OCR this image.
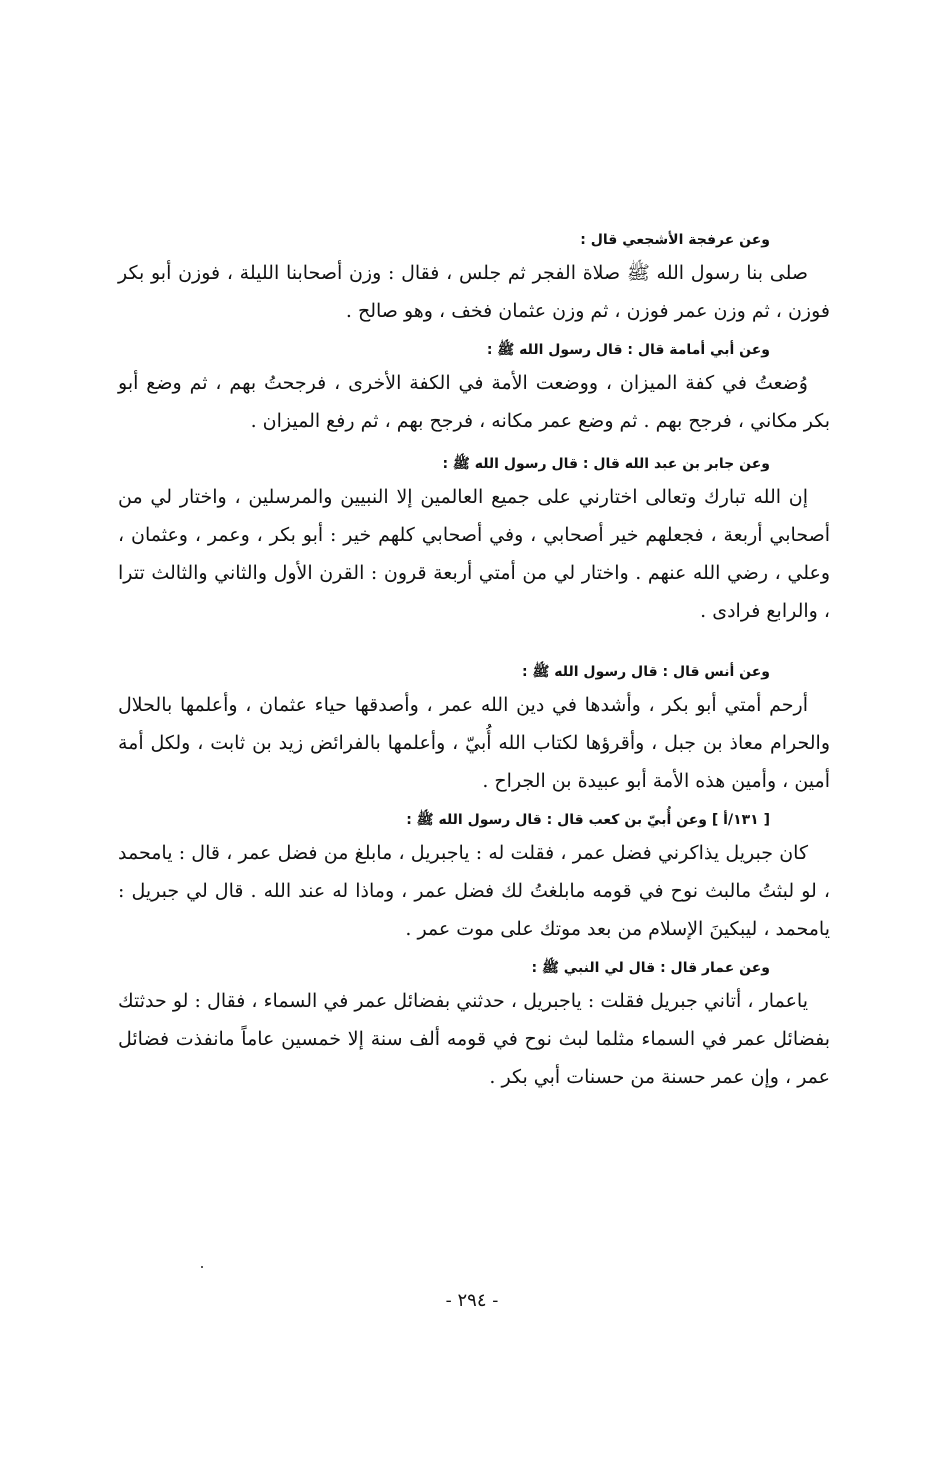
وعن عرفجة الأشجعي قال :

صلى بنا رسول الله ﷺ صلاة الفجر ثم جلس ، فقال : وزن أصحابنا الليلة ، فوزن أبو بكر فوزن ، ثم وزن عمر فوزن ، ثم وزن عثمان فخف ، وهو صالح .

وعن أبي أمامة قال : قال رسول الله ﷺ :

وُضعتُ في كفة الميزان ، ووضعت الأمة في الكفة الأخرى ، فرجحتُ بهم ، ثم وضع أبو بكر مكاني ، فرجح بهم . ثم وضع عمر مكانه ، فرجح بهم ، ثم رفع الميزان .

وعن جابر بن عبد الله قال : قال رسول الله ﷺ :

إن الله تبارك وتعالى اختارني على جميع العالمين إلا النبيين والمرسلين ، واختار لي من أصحابي أربعة ، فجعلهم خير أصحابي ، وفي أصحابي كلهم خير : أبو بكر ، وعمر ، وعثمان ، وعلي ، رضي الله عنهم . واختار لي من أمتي أربعة قرون : القرن الأول والثاني والثالث تترا ، والرابع فرادى .

وعن أنس قال : قال رسول الله ﷺ :

أرحم أمتي أبو بكر ، وأشدها في دين الله عمر ، وأصدقها حياء عثمان ، وأعلمها بالحلال والحرام معاذ بن جبل ، وأقرؤها لكتاب الله أُبيّ ، وأعلمها بالفرائض زيد بن ثابت ، ولكل أمة أمين ، وأمين هذه الأمة أبو عبيدة بن الجراح .

[ ١٣١/أ ] وعن أُبيّ بن كعب قال : قال رسول الله ﷺ :

كان جبريل يذاكرني فضل عمر ، فقلت له : ياجبريل ، مابلغ من فضل عمر ، قال : يامحمد ، لو لبثتُ مالبث نوح في قومه مابلغتُ لك فضل عمر ، وماذا له عند الله . قال لي جبريل : يامحمد ، ليبكينَ الإسلام من بعد موتك على موت عمر .

وعن عمار قال : قال لي النبي ﷺ :

ياعمار ، أتاني جبريل فقلت : ياجبريل ، حدثني بفضائل عمر في السماء ، فقال : لو حدثتك بفضائل عمر في السماء مثلما لبث نوح في قومه ألف سنة إلا خمسين عاماً مانفذت فضائل عمر ، وإن عمر حسنة من حسنات أبي بكر .

- ٢٩٤ -
